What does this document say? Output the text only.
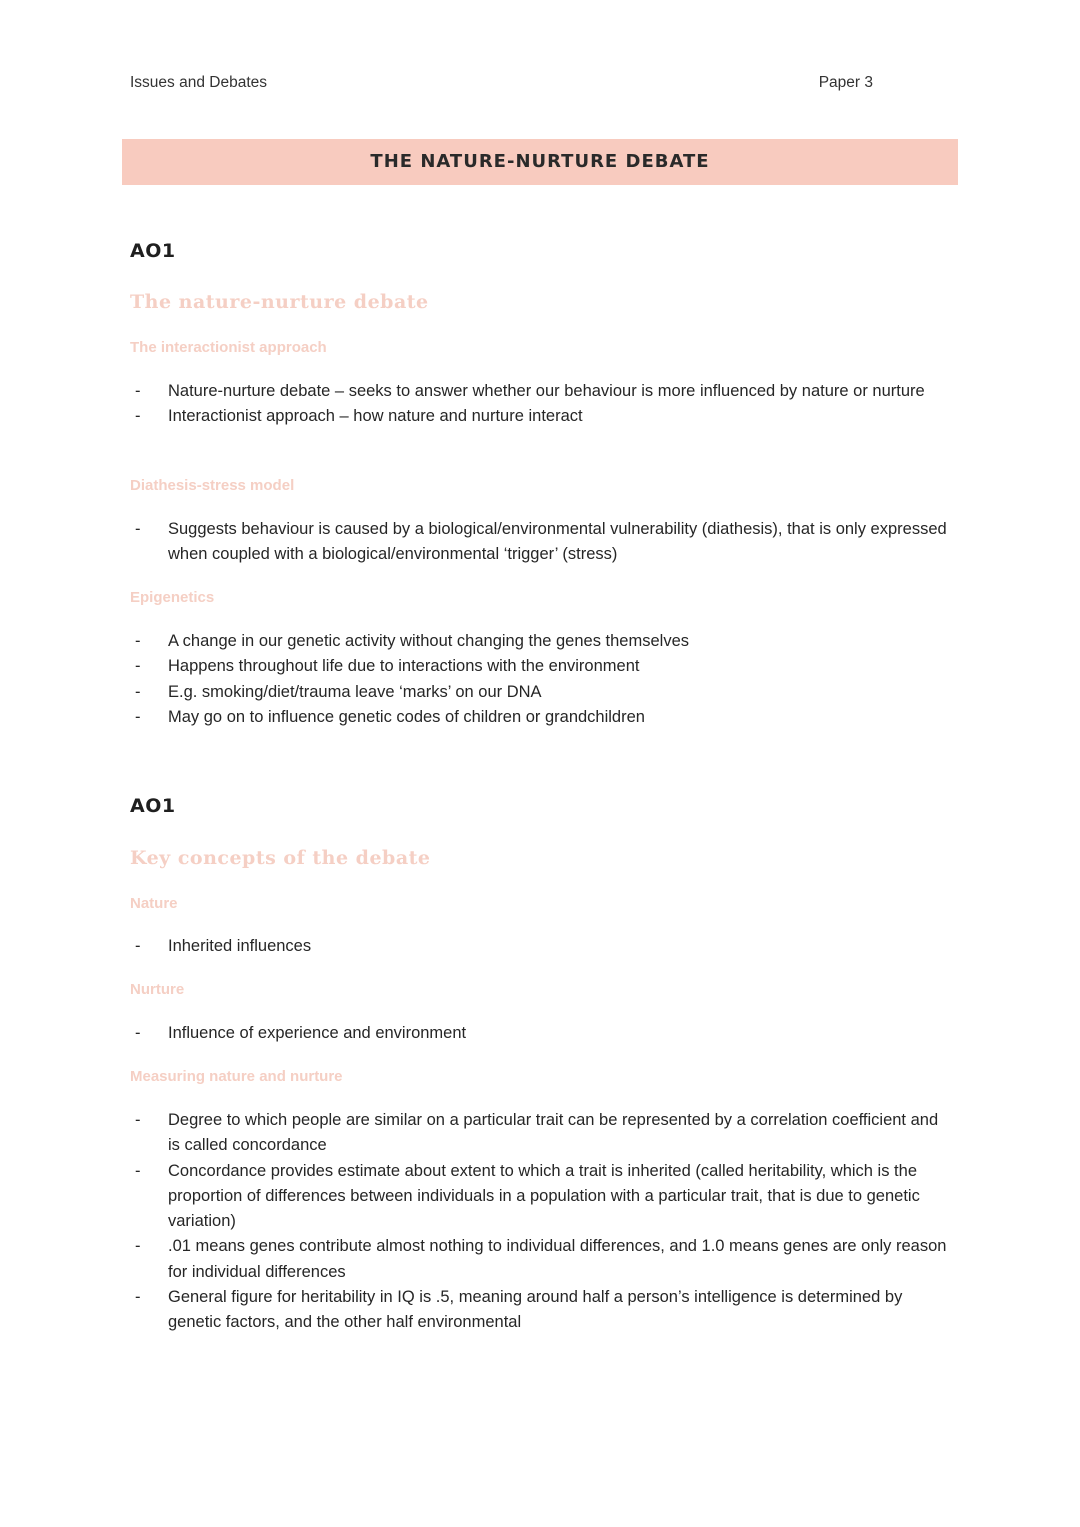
Issues and Debates	Paper 3
THE NATURE-NURTURE DEBATE
AO1
The nature-nurture debate
The interactionist approach
- Nature-nurture debate – seeks to answer whether our behaviour is more influenced by nature or nurture
- Interactionist approach – how nature and nurture interact
Diathesis-stress model
- Suggests behaviour is caused by a biological/environmental vulnerability (diathesis), that is only expressed when coupled with a biological/environmental ‘trigger’ (stress)
Epigenetics
- A change in our genetic activity without changing the genes themselves
- Happens throughout life due to interactions with the environment
- E.g. smoking/diet/trauma leave ‘marks’ on our DNA
- May go on to influence genetic codes of children or grandchildren
AO1
Key concepts of the debate
Nature
- Inherited influences
Nurture
- Influence of experience and environment
Measuring nature and nurture
- Degree to which people are similar on a particular trait can be represented by a correlation coefficient and is called concordance
- Concordance provides estimate about extent to which a trait is inherited (called heritability, which is the proportion of differences between individuals in a population with a particular trait, that is due to genetic variation)
- .01 means genes contribute almost nothing to individual differences, and 1.0 means genes are only reason for individual differences
- General figure for heritability in IQ is .5, meaning around half a person’s intelligence is determined by genetic factors, and the other half environmental
